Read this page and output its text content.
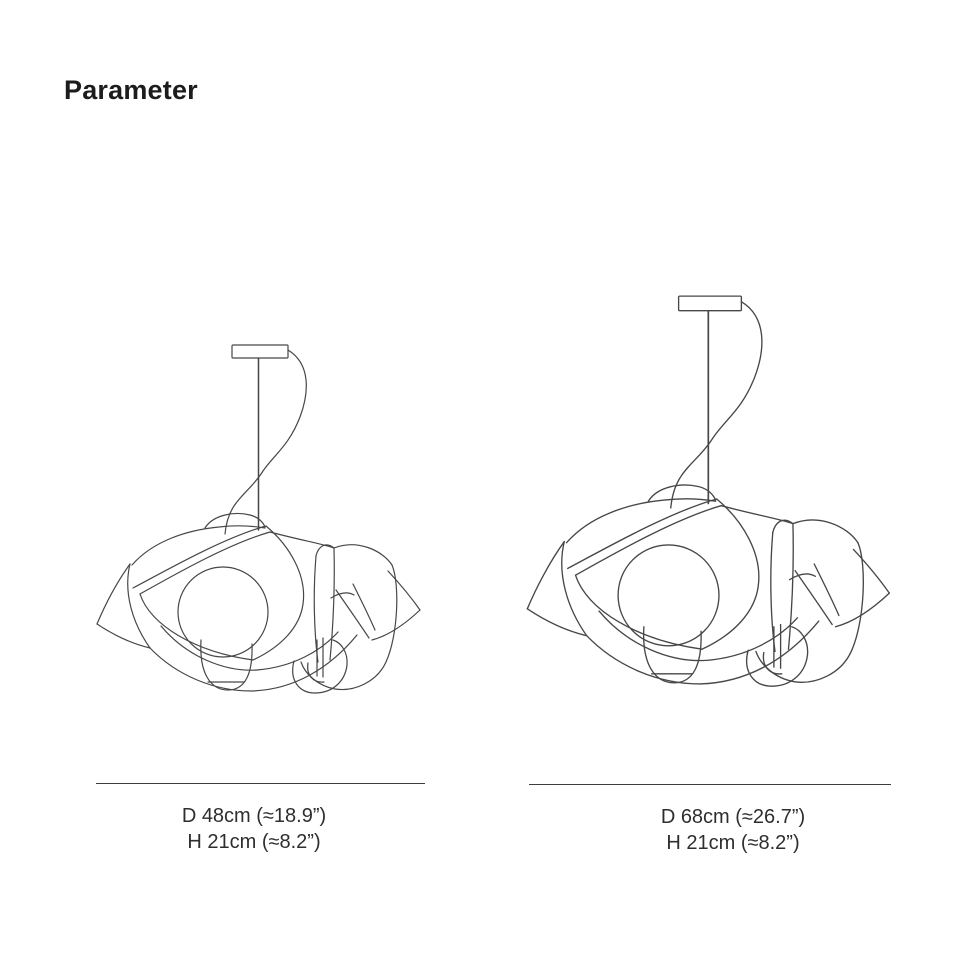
Parameter
D 48cm (≈18.9”)
H 21cm (≈8.2”)
D 68cm (≈26.7”)
H 21cm (≈8.2”)
